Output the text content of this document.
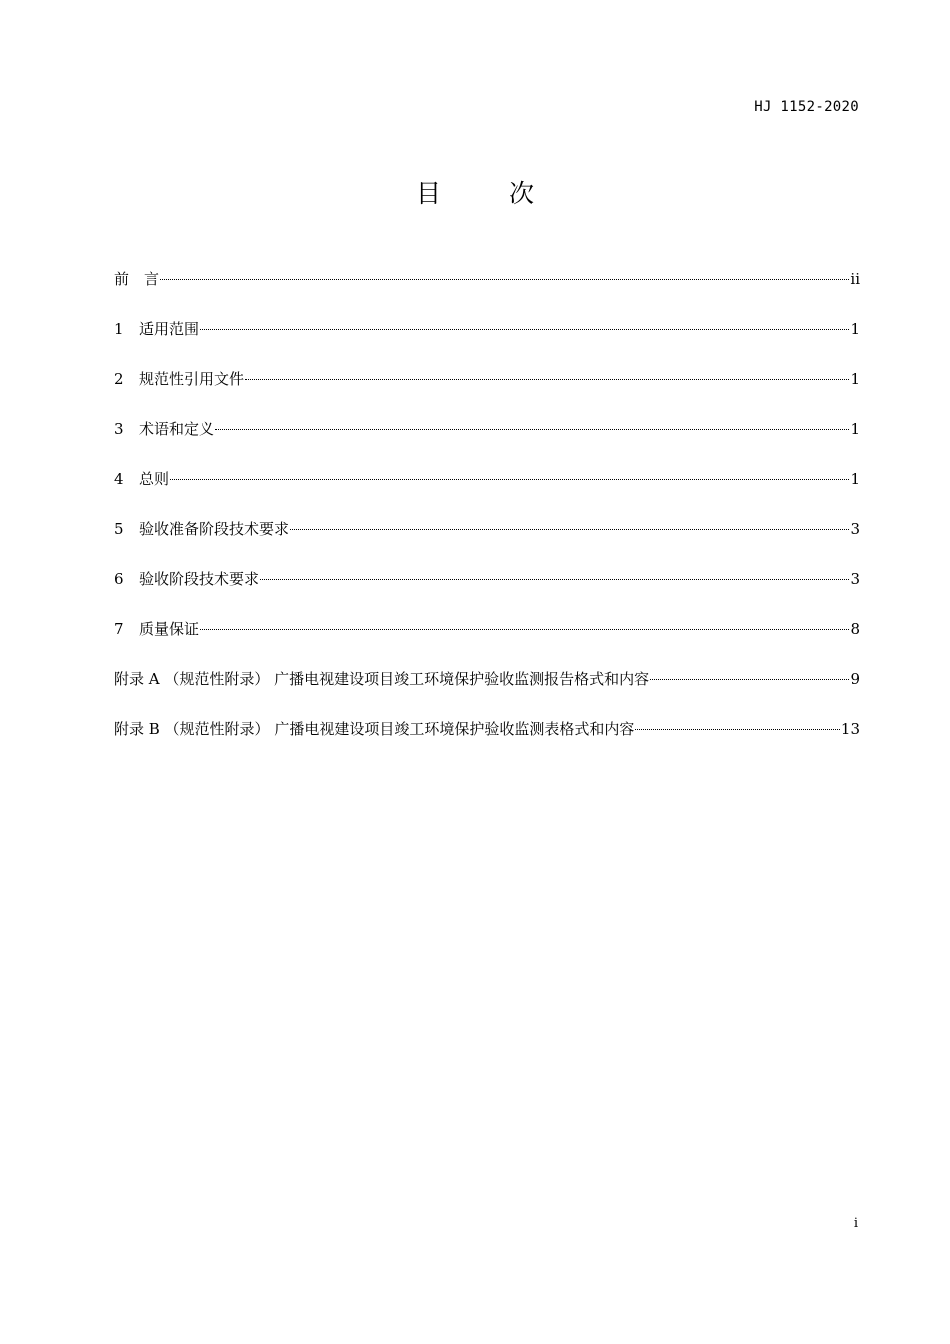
HJ 1152-2020
目 次
前　言	ii
1	适用范围	1
2	规范性引用文件	1
3	术语和定义	1
4	总则	1
5	验收准备阶段技术要求	3
6	验收阶段技术要求	3
7	质量保证	8
附录 A （规范性附录） 广播电视建设项目竣工环境保护验收监测报告格式和内容	9
附录 B （规范性附录） 广播电视建设项目竣工环境保护验收监测表格式和内容	13
i
